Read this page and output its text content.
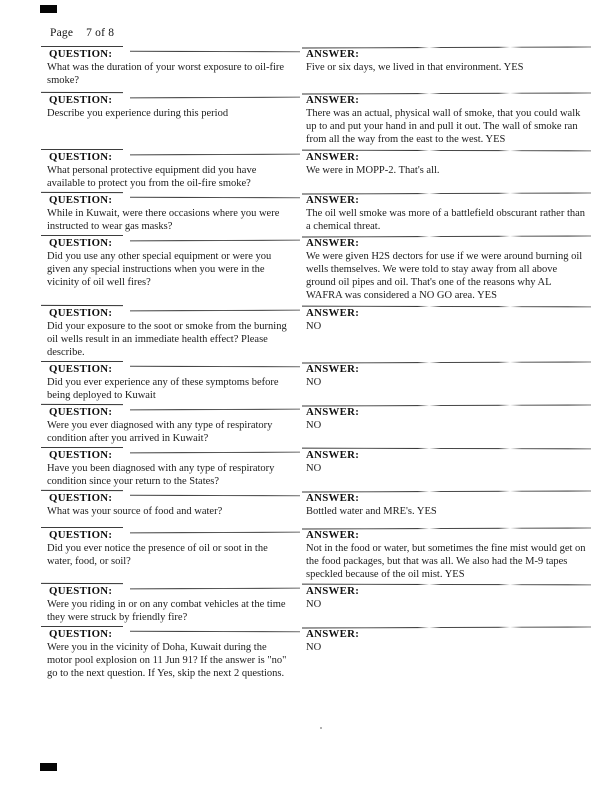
Page 7 of 8
QUESTION:
What was the duration of your worst exposure to oil-fire smoke?
ANSWER:
Five or six days, we lived in that environment. YES
QUESTION:
Describe you experience during this period
ANSWER:
There was an actual, physical wall of smoke, that you could walk up to and put your hand in and pull it out. The wall of smoke ran from all the way from the east to the west. YES
QUESTION:
What personal protective equipment did you have available to protect you from the oil-fire smoke?
ANSWER:
We were in MOPP-2. That's all.
QUESTION:
While in Kuwait, were there occasions where you were instructed to wear gas masks?
ANSWER:
The oil well smoke was more of a battlefield obscurant rather than a chemical threat.
QUESTION:
Did you use any other special equipment or were you given any special instructions when you were in the vicinity of oil well fires?
ANSWER:
We were given H2S dectors for use if we were around burning oil wells themselves. We were told to stay away from all above ground oil pipes and oil. That's one of the reasons why AL WAFRA was considered a NO GO area. YES
QUESTION:
Did your exposure to the soot or smoke from the burning oil wells result in an immediate health effect? Please describe.
ANSWER:
NO
QUESTION:
Did you ever experience any of these symptoms before being deployed to Kuwait
ANSWER:
NO
QUESTION:
Were you ever diagnosed with any type of respiratory condition after you arrived in Kuwait?
ANSWER:
NO
QUESTION:
Have you been diagnosed with any type of respiratory condition since your return to the States?
ANSWER:
NO
QUESTION:
What was your source of food and water?
ANSWER:
Bottled water and MRE's. YES
QUESTION:
Did you ever notice the presence of oil or soot in the water, food, or soil?
ANSWER:
Not in the food or water, but sometimes the fine mist would get on the food packages, but that was all. We also had the M-9 tapes speckled because of the oil mist. YES
QUESTION:
Were you riding in or on any combat vehicles at the time they were struck by friendly fire?
ANSWER:
NO
QUESTION:
Were you in the vicinity of Doha, Kuwait during the motor pool explosion on 11 Jun 91? If the answer is "no" go to the next question. If Yes, skip the next 2 questions.
ANSWER:
NO
